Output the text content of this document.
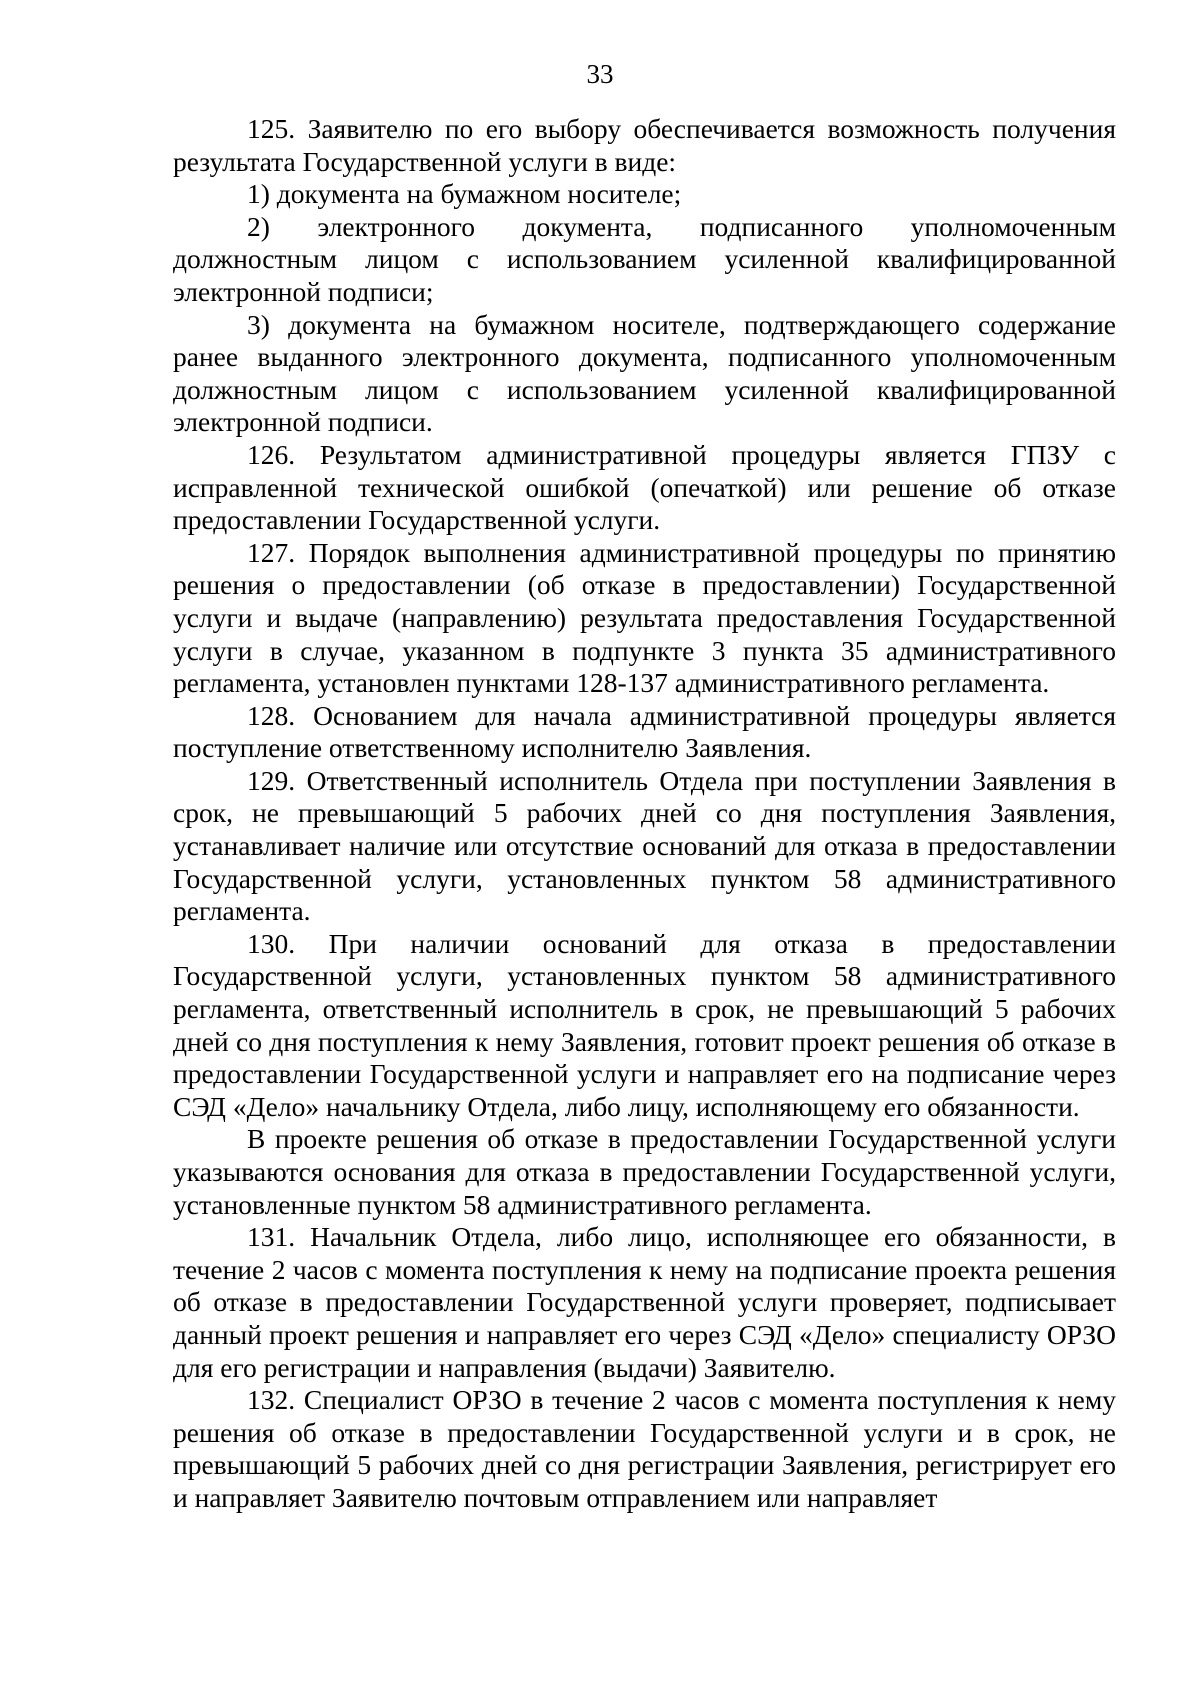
33

125. Заявителю по его выбору обеспечивается возможность получения результата Государственной услуги в виде:

1) документа на бумажном носителе;

2) электронного документа, подписанного уполномоченным должностным лицом с использованием усиленной квалифицированной электронной подписи;

3) документа на бумажном носителе, подтверждающего содержание ранее выданного электронного документа, подписанного уполномоченным должностным лицом с использованием усиленной квалифицированной электронной подписи.

126. Результатом административной процедуры является ГПЗУ с исправленной технической ошибкой (опечаткой) или решение об отказе предоставлении Государственной услуги.

127. Порядок выполнения административной процедуры по принятию решения о предоставлении (об отказе в предоставлении) Государственной услуги и выдаче (направлению) результата предоставления Государственной услуги в случае, указанном в подпункте 3 пункта 35 административного регламента, установлен пунктами 128-137 административного регламента.

128. Основанием для начала административной процедуры является поступление ответственному исполнителю Заявления.

129. Ответственный исполнитель Отдела при поступлении Заявления в срок, не превышающий 5 рабочих дней со дня поступления Заявления, устанавливает наличие или отсутствие оснований для отказа в предоставлении Государственной услуги, установленных пунктом 58 административного регламента.

130. При наличии оснований для отказа в предоставлении Государственной услуги, установленных пунктом 58 административного регламента, ответственный исполнитель в срок, не превышающий 5 рабочих дней со дня поступления к нему Заявления, готовит проект решения об отказе в предоставлении Государственной услуги и направляет его на подписание через СЭД «Дело» начальнику Отдела, либо лицу, исполняющему его обязанности.

В проекте решения об отказе в предоставлении Государственной услуги указываются основания для отказа в предоставлении Государственной услуги, установленные пунктом 58 административного регламента.

131. Начальник Отдела, либо лицо, исполняющее его обязанности, в течение 2 часов с момента поступления к нему на подписание проекта решения об отказе в предоставлении Государственной услуги проверяет, подписывает данный проект решения и направляет его через СЭД «Дело» специалисту ОРЗО для его регистрации и направления (выдачи) Заявителю.

132. Специалист ОРЗО в течение 2 часов с момента поступления к нему решения об отказе в предоставлении Государственной услуги и в срок, не превышающий 5 рабочих дней со дня регистрации Заявления, регистрирует его и направляет Заявителю почтовым отправлением или направляет
